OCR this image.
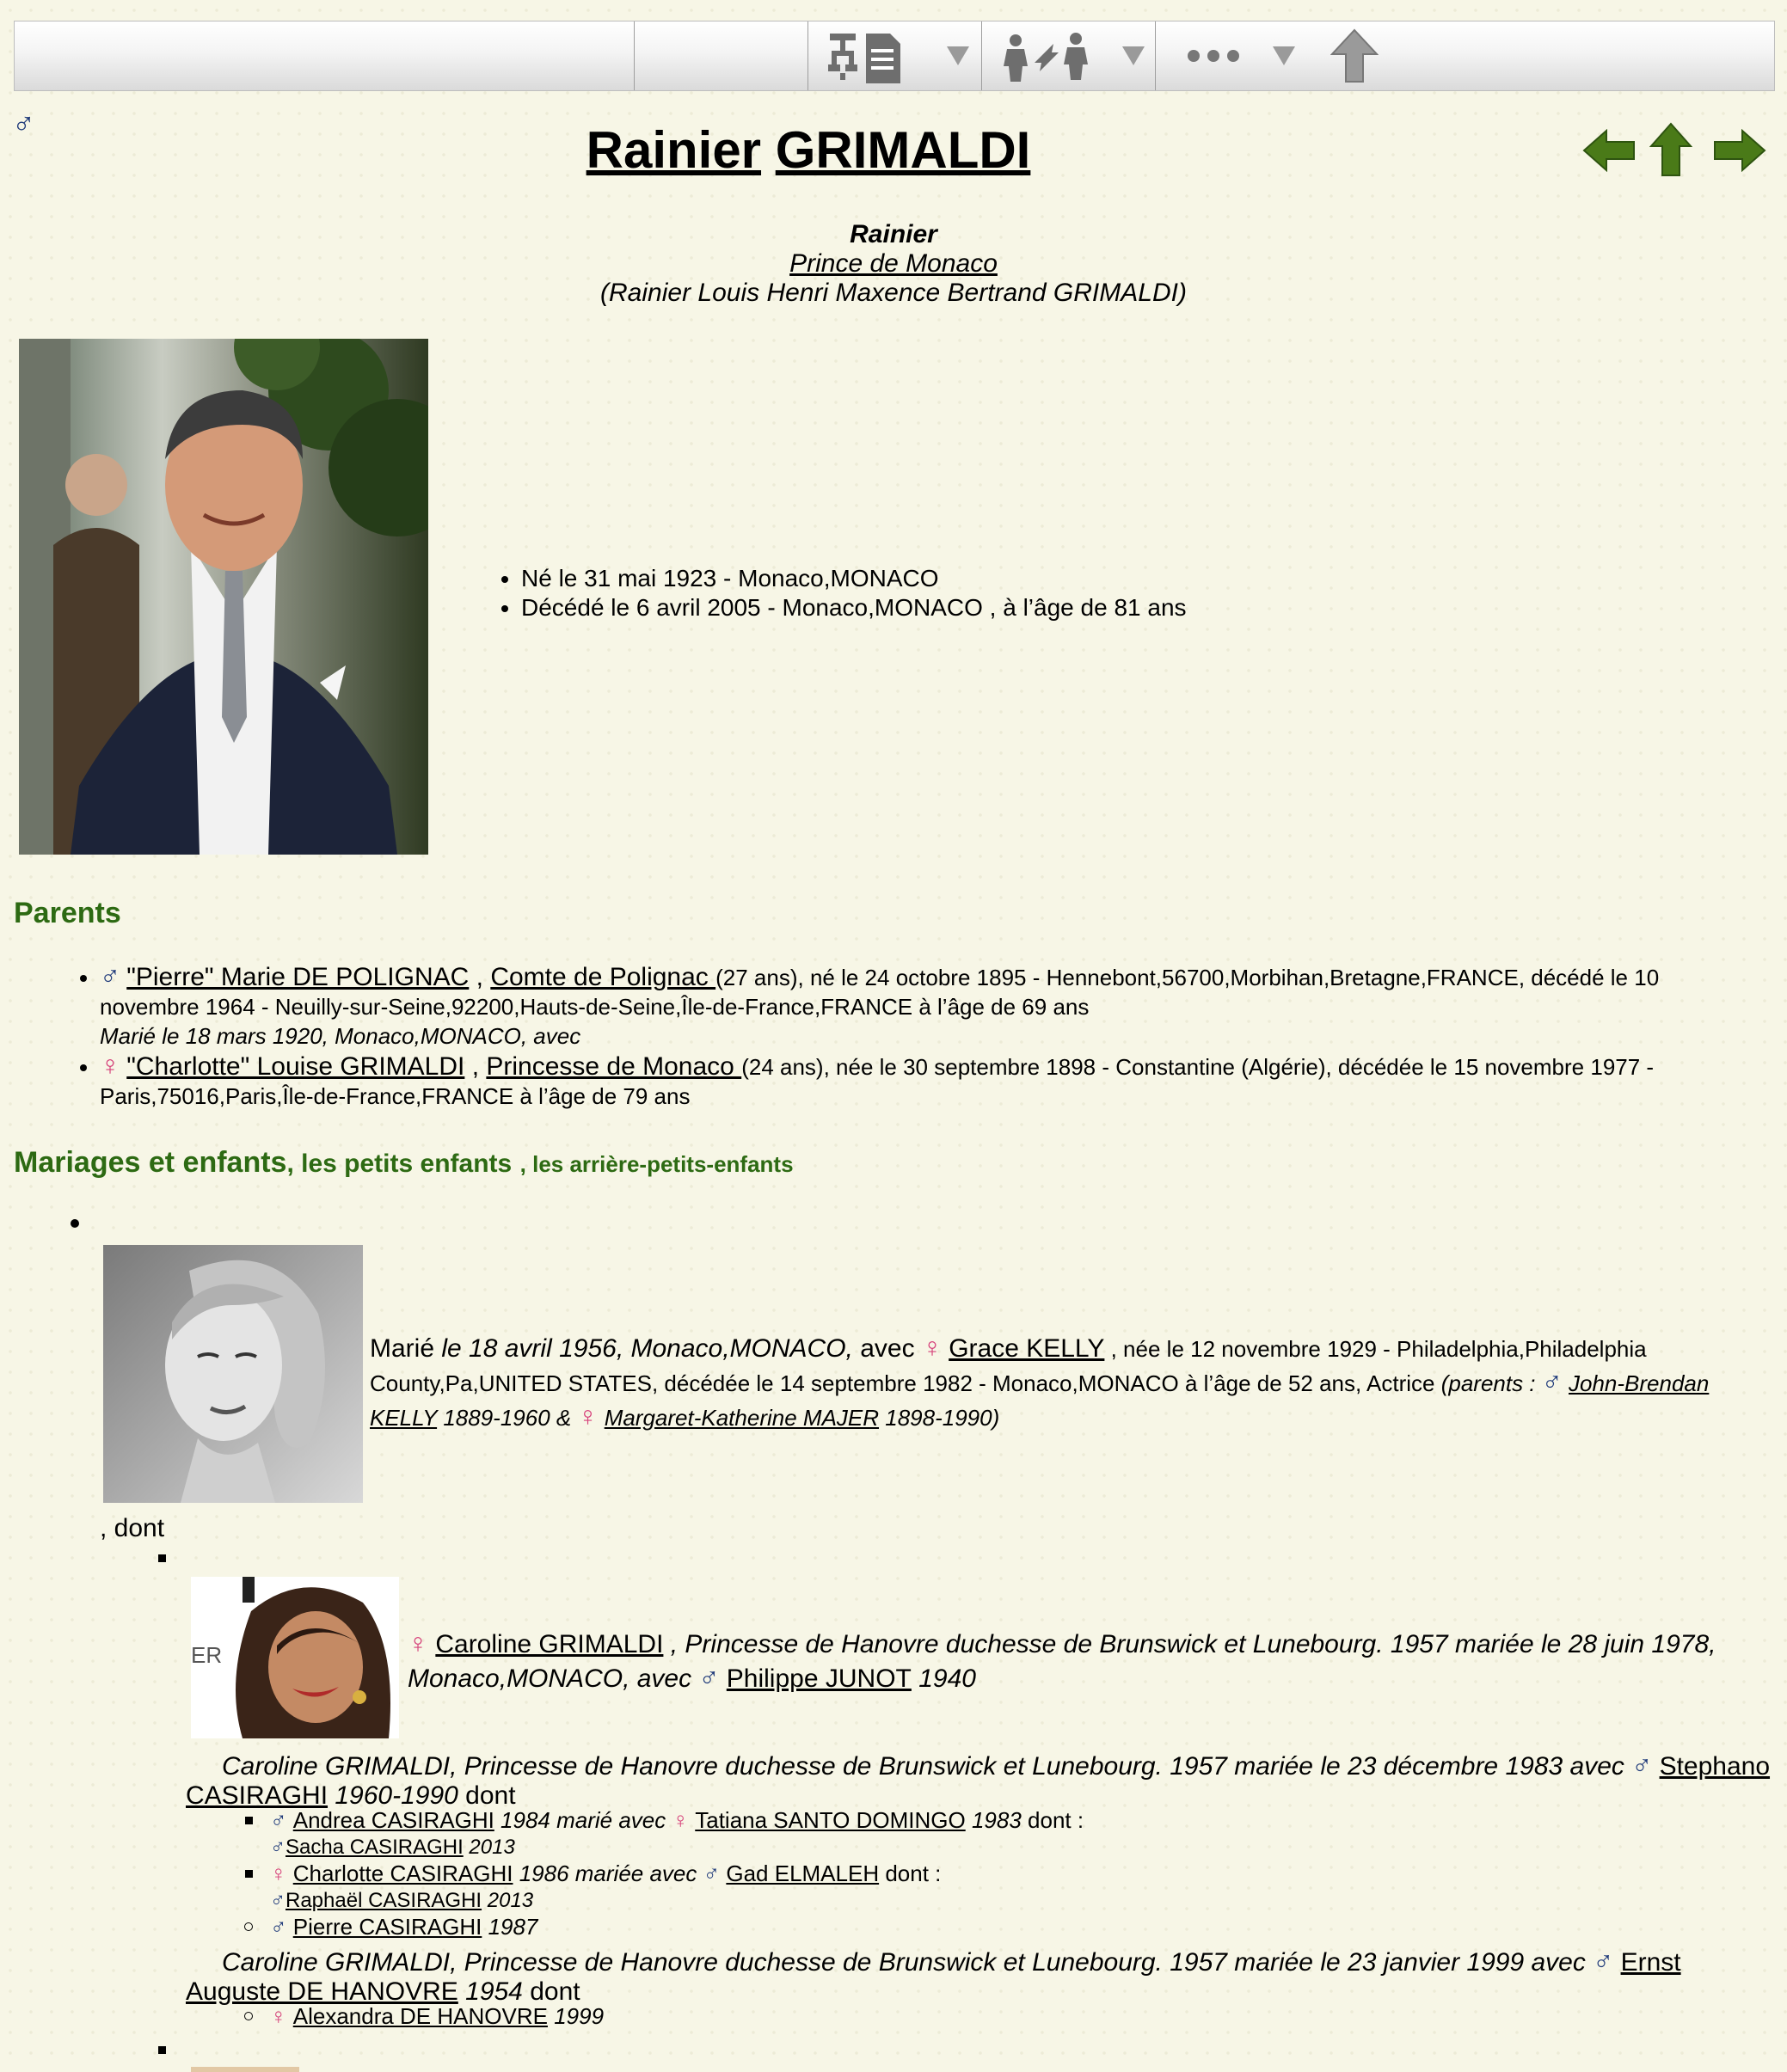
♂	Rainier GRIMALDI
Rainier
Prince de Monaco
(Rainier Louis Henri Maxence Bertrand GRIMALDI)
• Né le 31 mai 1923 - Monaco,MONACO
• Décédé le 6 avril 2005 - Monaco,MONACO , à l’âge de 81 ans
Parents
• ♂ "Pierre" Marie DE POLIGNAC , Comte de Polignac (27 ans), né le 24 octobre 1895 - Hennebont,56700,Morbihan,Bretagne,FRANCE, décédé le 10 novembre 1964 - Neuilly-sur-Seine,92200,Hauts-de-Seine,Île-de-France,FRANCE à l’âge de 69 ans
Marié le 18 mars 1920, Monaco,MONACO, avec
• ♀ "Charlotte" Louise GRIMALDI , Princesse de Monaco (24 ans), née le 30 septembre 1898 - Constantine (Algérie), décédée le 15 novembre 1977 - Paris,75016,Paris,Île-de-France,FRANCE à l’âge de 79 ans
Mariages et enfants, les petits enfants , les arrière-petits-enfants
Marié le 18 avril 1956, Monaco,MONACO, avec ♀ Grace KELLY , née le 12 novembre 1929 - Philadelphia,Philadelphia County,Pa,UNITED STATES, décédée le 14 septembre 1982 - Monaco,MONACO à l’âge de 52 ans, Actrice (parents : ♂ John-Brendan KELLY 1889-1960 & ♀ Margaret-Katherine MAJER 1898-1990)
, dont
ER	♀ Caroline GRIMALDI , Princesse de Hanovre duchesse de Brunswick et Lunebourg. 1957 mariée le 28 juin 1978, Monaco,MONACO, avec ♂ Philippe JUNOT 1940
Caroline GRIMALDI, Princesse de Hanovre duchesse de Brunswick et Lunebourg. 1957 mariée le 23 décembre 1983 avec ♂ Stephano CASIRAGHI 1960-1990 dont
♂ Andrea CASIRAGHI 1984 marié avec ♀ Tatiana SANTO DOMINGO 1983 dont :
♂Sacha CASIRAGHI 2013
♀ Charlotte CASIRAGHI 1986 mariée avec ♂ Gad ELMALEH dont :
♂Raphaël CASIRAGHI 2013
♂ Pierre CASIRAGHI 1987
Caroline GRIMALDI, Princesse de Hanovre duchesse de Brunswick et Lunebourg. 1957 mariée le 23 janvier 1999 avec ♂ Ernst Auguste DE HANOVRE 1954 dont
♀ Alexandra DE HANOVRE 1999
